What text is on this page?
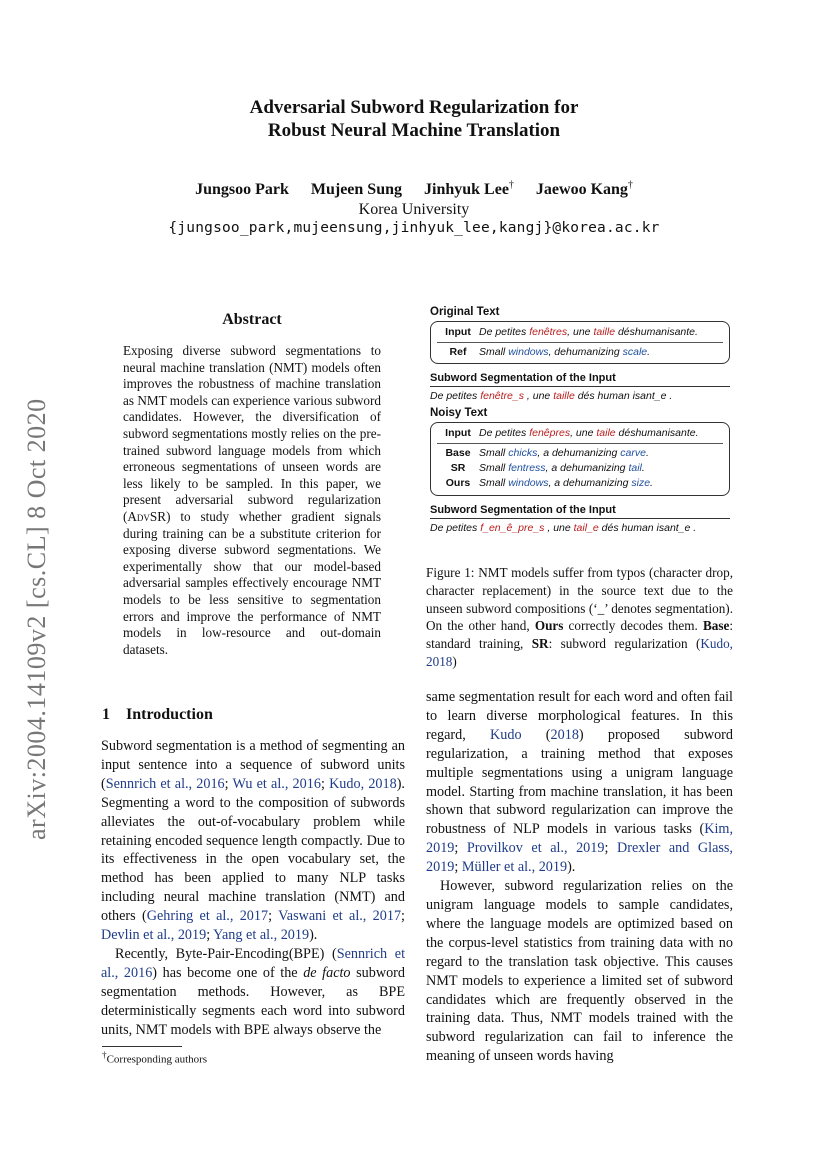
Adversarial Subword Regularization for
Robust Neural Machine Translation
Jungsoo Park Mujeen Sung Jinhyuk Lee† Jaewoo Kang†
Korea University
{jungsoo_park,mujeensung,jinhyuk_lee,kangj}@korea.ac.kr
arXiv:2004.14109v2 [cs.CL] 8 Oct 2020
Abstract
Exposing diverse subword segmentations to neural machine translation (NMT) models often improves the robustness of machine translation as NMT models can experience various subword candidates. However, the diversification of subword segmentations mostly relies on the pre-trained subword language models from which erroneous segmentations of unseen words are less likely to be sampled. In this paper, we present adversarial subword regularization (AdvSR) to study whether gradient signals during training can be a substitute criterion for exposing diverse subword segmentations. We experimentally show that our model-based adversarial samples effectively encourage NMT models to be less sensitive to segmentation errors and improve the performance of NMT models in low-resource and out-domain datasets.
Original Text
Input De petites fenêtres, une taille déshumanisante.
Ref	Small windows, dehumanizing scale.
Subword Segmentation of the Input
De petites fenêtre_s , une taille dés human isant_e .
Noisy Text
Input De petites fenêpres, une taile déshumanisante.
Base Small chicks, a dehumanizing carve.
SR	Small fentress, a dehumanizing tail.
Ours Small windows, a dehumanizing size.
Subword Segmentation of the Input
De petites f_en_ê_pre_s , une tail_e dés human isant_e .
Figure 1: NMT models suffer from typos (character drop, character replacement) in the source text due to the unseen subword compositions (‘_’ denotes segmentation). On the other hand, Ours correctly decodes them. Base: standard training, SR: subword regularization (Kudo, 2018)
1 Introduction

Subword segmentation is a method of segmenting an input sentence into a sequence of subword units (Sennrich et al., 2016; Wu et al., 2016; Kudo, 2018). Segmenting a word to the composition of subwords alleviates the out-of-vocabulary problem while retaining encoded sequence length compactly. Due to its effectiveness in the open vocabulary set, the method has been applied to many NLP tasks including neural machine translation (NMT) and others (Gehring et al., 2017; Vaswani et al., 2017; Devlin et al., 2019; Yang et al., 2019).

Recently, Byte-Pair-Encoding(BPE) (Sennrich et al., 2016) has become one of the de facto subword segmentation methods. However, as BPE deterministically segments each word into subword units, NMT models with BPE always observe the

same segmentation result for each word and often fail to learn diverse morphological features. In this regard, Kudo (2018) proposed subword regularization, a training method that exposes multiple segmentations using a unigram language model. Starting from machine translation, it has been shown that subword regularization can improve the robustness of NLP models in various tasks (Kim, 2019; Provilkov et al., 2019; Drexler and Glass, 2019; Müller et al., 2019).

However, subword regularization relies on the unigram language models to sample candidates, where the language models are optimized based on the corpus-level statistics from training data with no regard to the translation task objective. This causes NMT models to experience a limited set of subword candidates which are frequently observed in the training data. Thus, NMT models trained with the subword regularization can fail to inference the meaning of unseen words having

†Corresponding authors
